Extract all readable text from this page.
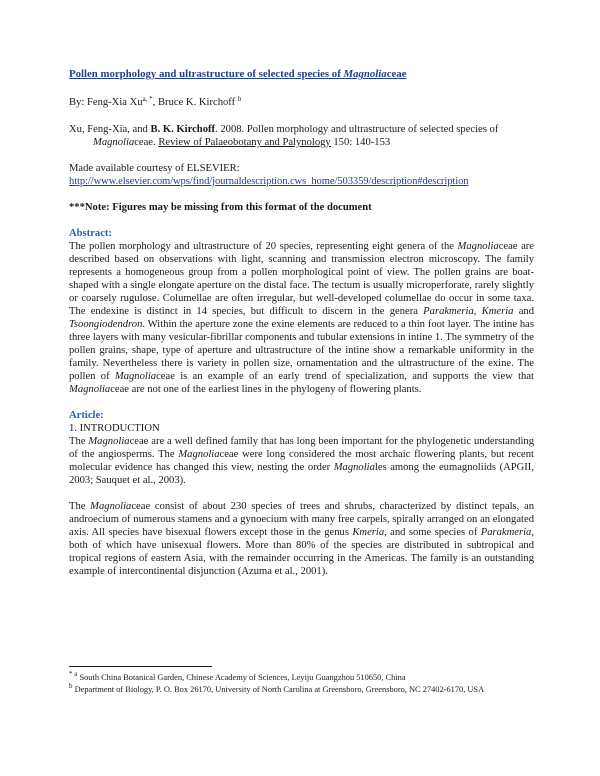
Pollen morphology and ultrastructure of selected species of Magnoliaceae
By: Feng-Xia $Xu^{a, *}$, Bruce K. Kirchoff $^b$
Xu, Feng-Xia, and B. K. Kirchoff. 2008. Pollen morphology and ultrastructure of selected species of Magnoliaceae. Review of Palaeobotany and Palynology 150: 140-153
Made available courtesy of ELSEVIER:
http://www.elsevier.com/wps/find/journaldescription.cws_home/503359/description#description
***Note: Figures may be missing from this format of the document
Abstract:
The pollen morphology and ultrastructure of 20 species, representing eight genera of the Magnoliaceae are described based on observations with light, scanning and transmission electron microscopy. The family represents a homogeneous group from a pollen morphological point of view. The pollen grains are boat-shaped with a single elongate aperture on the distal face. The tectum is usually microperforate, rarely slightly or coarsely rugulose. Columellae are often irregular, but well-developed columellae do occur in some taxa. The endexine is distinct in 14 species, but difficult to discern in the genera Parakmeria, Kmeria and Tsoongiodendron. Within the aperture zone the exine elements are reduced to a thin foot layer. The intine has three layers with many vesicular-fibrillar components and tubular extensions in intine 1. The symmetry of the pollen grains, shape, type of aperture and ultrastructure of the intine show a remarkable uniformity in the family. Nevertheless there is variety in pollen size, ornamentation and the ultrastructure of the exine. The pollen of Magnoliaceae is an example of an early trend of specialization, and supports the view that Magnoliaceae are not one of the earliest lines in the phylogeny of flowering plants.
Article:
1. INTRODUCTION
The Magnoliaceae are a well defined family that has long been important for the phylogenetic understanding of the angiosperms. The Magnoliaceae were long considered the most archaic flowering plants, but recent molecular evidence has changed this view, nesting the order Magnoliales among the eumagnoliids (APGII, 2003; Sauquet et al., 2003).
The Magnoliaceae consist of about 230 species of trees and shrubs, characterized by distinct tepals, an androecium of numerous stamens and a gynoecium with many free carpels, spirally arranged on an elongated axis. All species have bisexual flowers except those in the genus Kmeria, and some species of Parakmeria, both of which have unisexual flowers. More than 80% of the species are distributed in subtropical and tropical regions of eastern Asia, with the remainder occurring in the Americas. The family is an outstanding example of intercontinental disjunction (Azuma et al., 2001).
$^{* a}$ South China Botanical Garden, Chinese Academy of Sciences, Leyiju Guangzhou 510650, China
$^b$ Department of Biology, P. O. Box 26170, University of North Carolina at Greensboro, Greensboro, NC 27402-6170, USA
